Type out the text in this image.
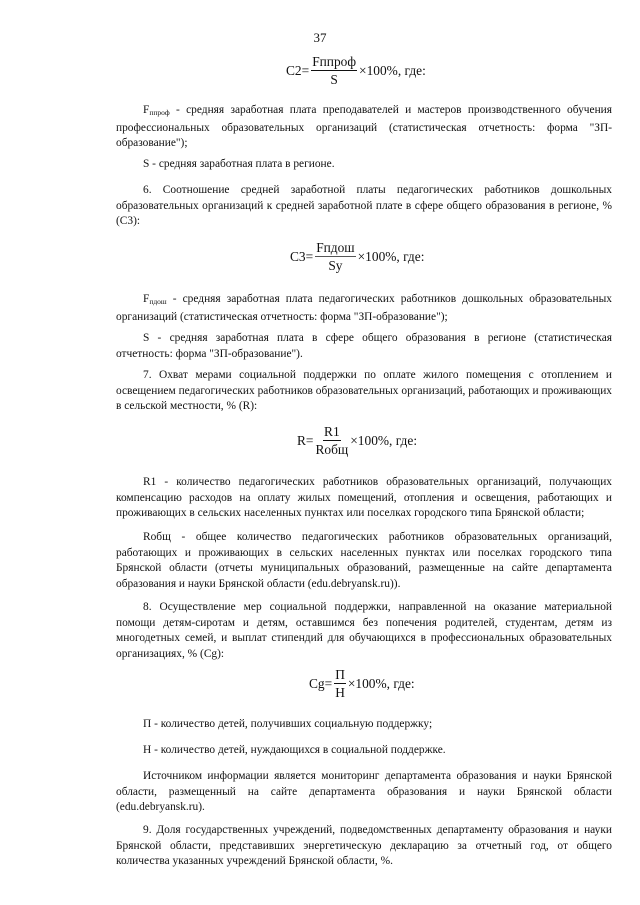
37
$C2= \frac{\text{Fппроф}}{S} \times 100\%$, где:

$F_{ппроф}$ - средняя заработная плата преподавателей и мастеров производственного обучения профессиональных образовательных организаций (статистическая отчетность: форма "ЗП-образование");

S - средняя заработная плата в регионе.

6. Соотношение средней заработной платы педагогических работников дошкольных образовательных организаций к средней заработной плате в сфере общего образования в регионе, % (С3):

$C3= \frac{\text{Fпдош}}{Sy} \times 100\%$, где:

$F_{пдош}$ - средняя заработная плата педагогических работников дошкольных образовательных организаций (статистическая отчетность: форма "ЗП-образование");

S - средняя заработная плата в сфере общего образования в регионе (статистическая отчетность: форма "ЗП-образование").

7. Охват мерами социальной поддержки по оплате жилого помещения с отоплением и освещением педагогических работников образовательных организаций, работающих и проживающих в сельской местности, % (R):

$R= \frac{R1}{\text{Rобщ}} \times 100\%$, где:

R1 - количество педагогических работников образовательных организаций, получающих компенсацию расходов на оплату жилых помещений, отопления и освещения, работающих и проживающих в сельских населенных пунктах или поселках городского типа Брянской области;

Rобщ - общее количество педагогических работников образовательных организаций, работающих и проживающих в сельских населенных пунктах или поселках городского типа Брянской области (отчеты муниципальных образований, размещенные на сайте департамента образования и науки Брянской области (edu.debryansk.ru)).

8. Осуществление мер социальной поддержки, направленной на оказание материальной помощи детям-сиротам и детям, оставшимся без попечения родителей, студентам, детям из многодетных семей, и выплат стипендий для обучающихся в профессиональных образовательных организациях, % (Cg):

$Cg= \frac{П}{Н} \times 100\%$, где:

П - количество детей, получивших социальную поддержку;

Н - количество детей, нуждающихся в социальной поддержке.

Источником информации является мониторинг департамента образования и науки Брянской области, размещенный на сайте департамента образования и науки Брянской области (edu.debryansk.ru).

9. Доля государственных учреждений, подведомственных департаменту образования и науки Брянской области, представивших энергетическую декларацию за отчетный год, от общего количества указанных учреждений Брянской области, %.
